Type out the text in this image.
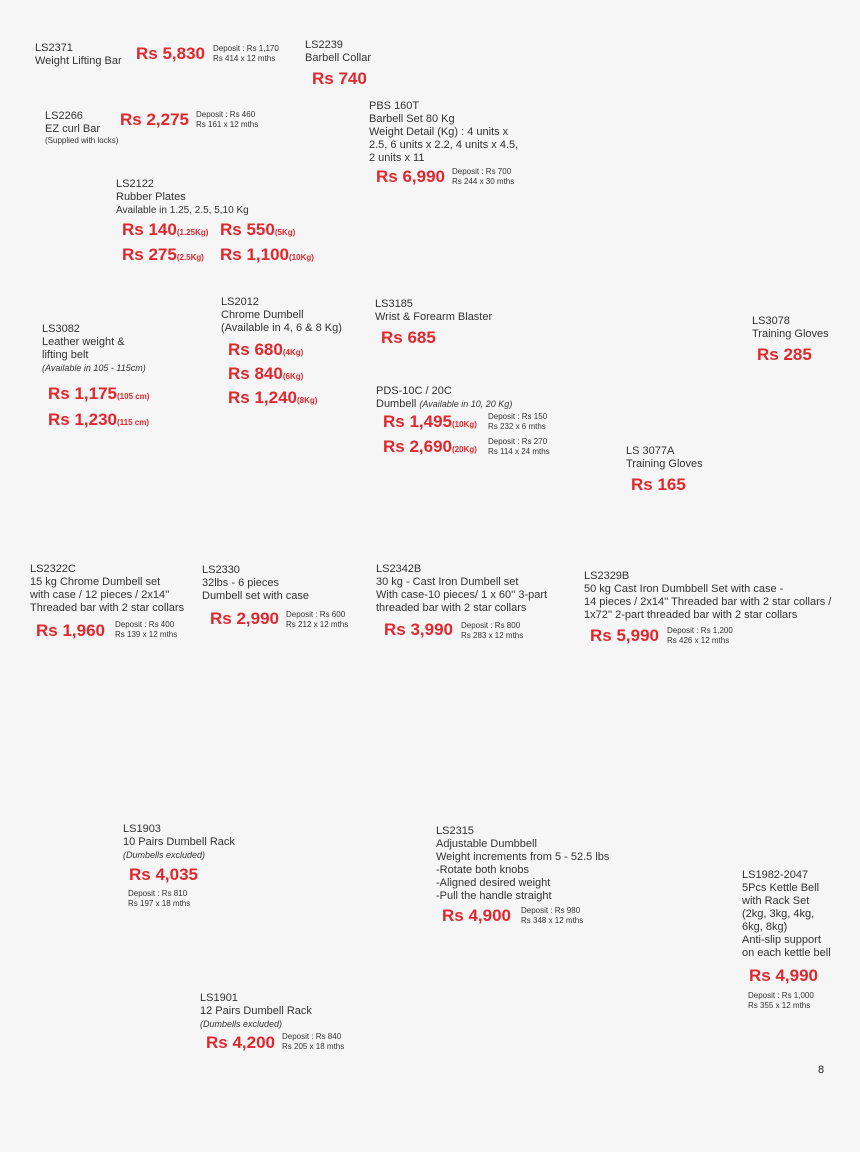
LS2371
Weight Lifting Bar Rs 5,830 Deposit : Rs 1,170
Rs 414 x 12 mths
LS2239
Barbell Collar
Rs 740
LS2266
EZ curl Bar
(Supplied with locks)
Rs 2,275 Deposit : Rs 460
Rs 161 x 12 mths
PBS 160T
Barbell Set 80 Kg
Weight Detail (Kg) : 4 units x
2.5, 6 units x 2.2, 4 units x 4.5,
2 units x 11
Rs 6,990 Deposit : Rs 700
Rs 244 x 30 mths
LS2122
Rubber Plates
Available in 1.25, 2.5, 5,10 Kg
Rs 140(1.25Kg) Rs 550(5Kg)
Rs 275(2.5Kg) Rs 1,100(10Kg)
LS2012
Chrome Dumbell
(Available in 4, 6 & 8 Kg)
Rs 680(4Kg)
Rs 840(6Kg)
Rs 1,240(8Kg)
LS3185
Wrist & Forearm Blaster
Rs 685
LS3078
Training Gloves
Rs 285
LS3082
Leather weight &
lifting belt
(Available in 105 - 115cm)
Rs 1,175(105 cm)
Rs 1,230(115 cm)
PDS-10C / 20C
Dumbell (Available in 10, 20 Kg)
Rs 1,495(10Kg)
Deposit : Rs 150
Rs 232 x 6 mths
Rs 2,690(20Kg)
Deposit : Rs 270
Rs 114 x 24 mths	LS 3077A
Training Gloves
Rs 165
LS2322C
15 kg Chrome Dumbell set
with case / 12 pieces / 2x14''
Threaded bar with 2 star collars
Rs 1,960 Deposit : Rs 400
Rs 139 x 12 mths
LS2330
32lbs - 6 pieces
Dumbell set with case
Rs 2,990 Deposit : Rs 600
Rs 212 x 12 mths
LS2342B
30 kg - Cast Iron Dumbell set
With case-10 pieces/ 1 x 60'' 3-part
threaded bar with 2 star collars
Rs 3,990 Deposit : Rs 800
Rs 283 x 12 mths
LS2329B
50 kg Cast Iron Dumbbell Set with case -
14 pieces / 2x14'' Threaded bar with 2 star collars /
1x72'' 2-part threaded bar with 2 star collars
Rs 5,990 Deposit : Rs 1,200
Rs 426 x 12 mths
LS1903
10 Pairs Dumbell Rack
(Dumbells excluded)
Rs 4,035
Deposit : Rs 810
Rs 197 x 18 mths
LS2315
Adjustable Dumbbell
Weight increments from 5 - 52.5 lbs
-Rotate both knobs
-Aligned desired weight
-Pull the handle straight
Rs 4,900 Deposit : Rs 980
Rs 348 x 12 mths
LS1982-2047
5Pcs Kettle Bell
with Rack Set
(2kg, 3kg, 4kg,
6kg, 8kg)
Anti-slip support
on each kettle bell
Rs 4,990
Deposit : Rs 1,000
Rs 355 x 12 mths
LS1901
12 Pairs Dumbell Rack
(Dumbells excluded)
Rs 4,200 Deposit : Rs 840
Rs 205 x 18 mths
8
